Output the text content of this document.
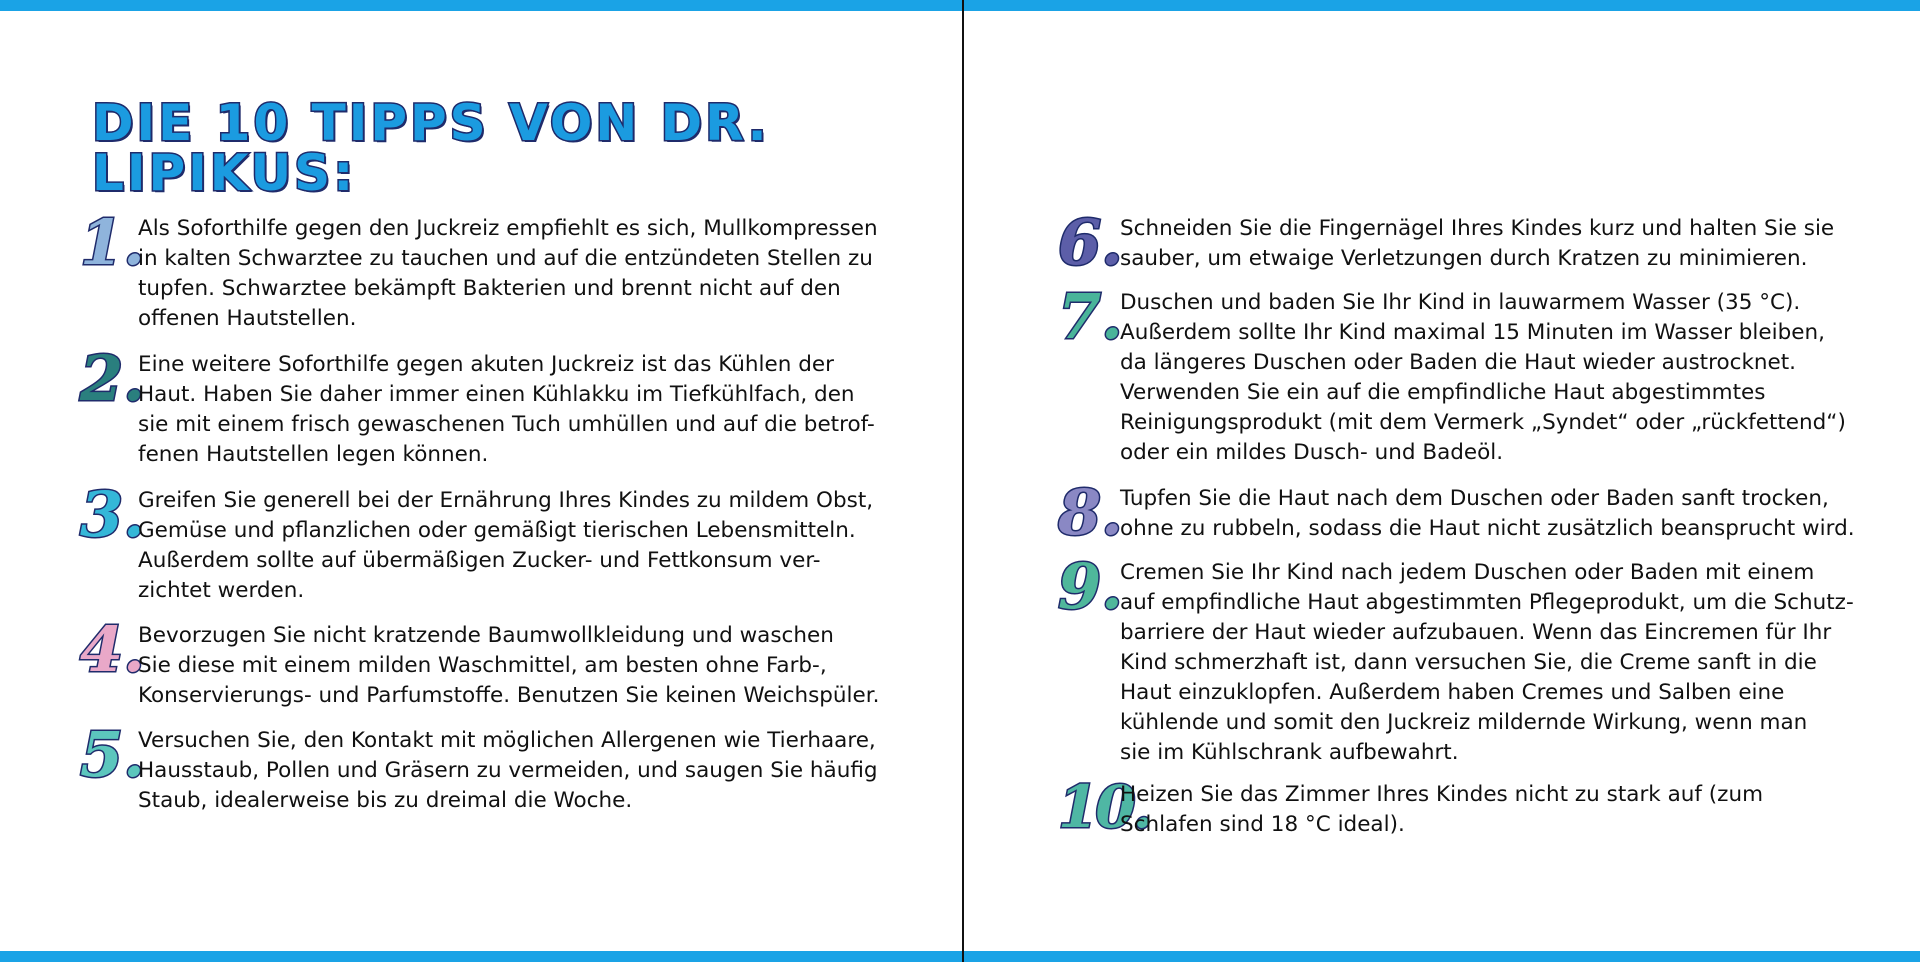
DIE 10 TIPPS VON DR. LIPIKUS:
1.

Als Soforthilfe gegen den Juckreiz empfiehlt es sich, Mullkompressen
in kalten Schwarztee zu tauchen und auf die entzündeten Stellen zu
tupfen. Schwarztee bekämpft Bakterien und brennt nicht auf den
offenen Hautstellen.

2.

Eine weitere Soforthilfe gegen akuten Juckreiz ist das Kühlen der
Haut. Haben Sie daher immer einen Kühlakku im Tiefkühlfach, den
sie mit einem frisch gewaschenen Tuch umhüllen und auf die betrof-
fenen Hautstellen legen können.

3.

Greifen Sie generell bei der Ernährung Ihres Kindes zu mildem Obst,
Gemüse und pflanzlichen oder gemäßigt tierischen Lebensmitteln.
Außerdem sollte auf übermäßigen Zucker- und Fettkonsum ver-
zichtet werden.

4.

Bevorzugen Sie nicht kratzende Baumwollkleidung und waschen
Sie diese mit einem milden Waschmittel, am besten ohne Farb-,
Konservierungs- und Parfumstoffe. Benutzen Sie keinen Weichspüler.

5.

Versuchen Sie, den Kontakt mit möglichen Allergenen wie Tierhaare,
Hausstaub, Pollen und Gräsern zu vermeiden, und saugen Sie häufig
Staub, idealerweise bis zu dreimal die Woche.

6.

Schneiden Sie die Fingernägel Ihres Kindes kurz und halten Sie sie
sauber, um etwaige Verletzungen durch Kratzen zu minimieren.

7.

Duschen und baden Sie Ihr Kind in lauwarmem Wasser (35 °C).
Außerdem sollte Ihr Kind maximal 15 Minuten im Wasser bleiben,
da längeres Duschen oder Baden die Haut wieder austrocknet.
Verwenden Sie ein auf die empfindliche Haut abgestimmtes
Reinigungsprodukt (mit dem Vermerk „Syndet“ oder „rückfettend“)
oder ein mildes Dusch- und Badeöl.

8.

Tupfen Sie die Haut nach dem Duschen oder Baden sanft trocken,
ohne zu rubbeln, sodass die Haut nicht zusätzlich beansprucht wird.

9.

Cremen Sie Ihr Kind nach jedem Duschen oder Baden mit einem
auf empfindliche Haut abgestimmten Pflegeprodukt, um die Schutz-
barriere der Haut wieder aufzubauen. Wenn das Eincremen für Ihr
Kind schmerzhaft ist, dann versuchen Sie, die Creme sanft in die
Haut einzuklopfen. Außerdem haben Cremes und Salben eine
kühlende und somit den Juckreiz mildernde Wirkung, wenn man
sie im Kühlschrank aufbewahrt.

10.

Heizen Sie das Zimmer Ihres Kindes nicht zu stark auf (zum
Schlafen sind 18 °C ideal).
